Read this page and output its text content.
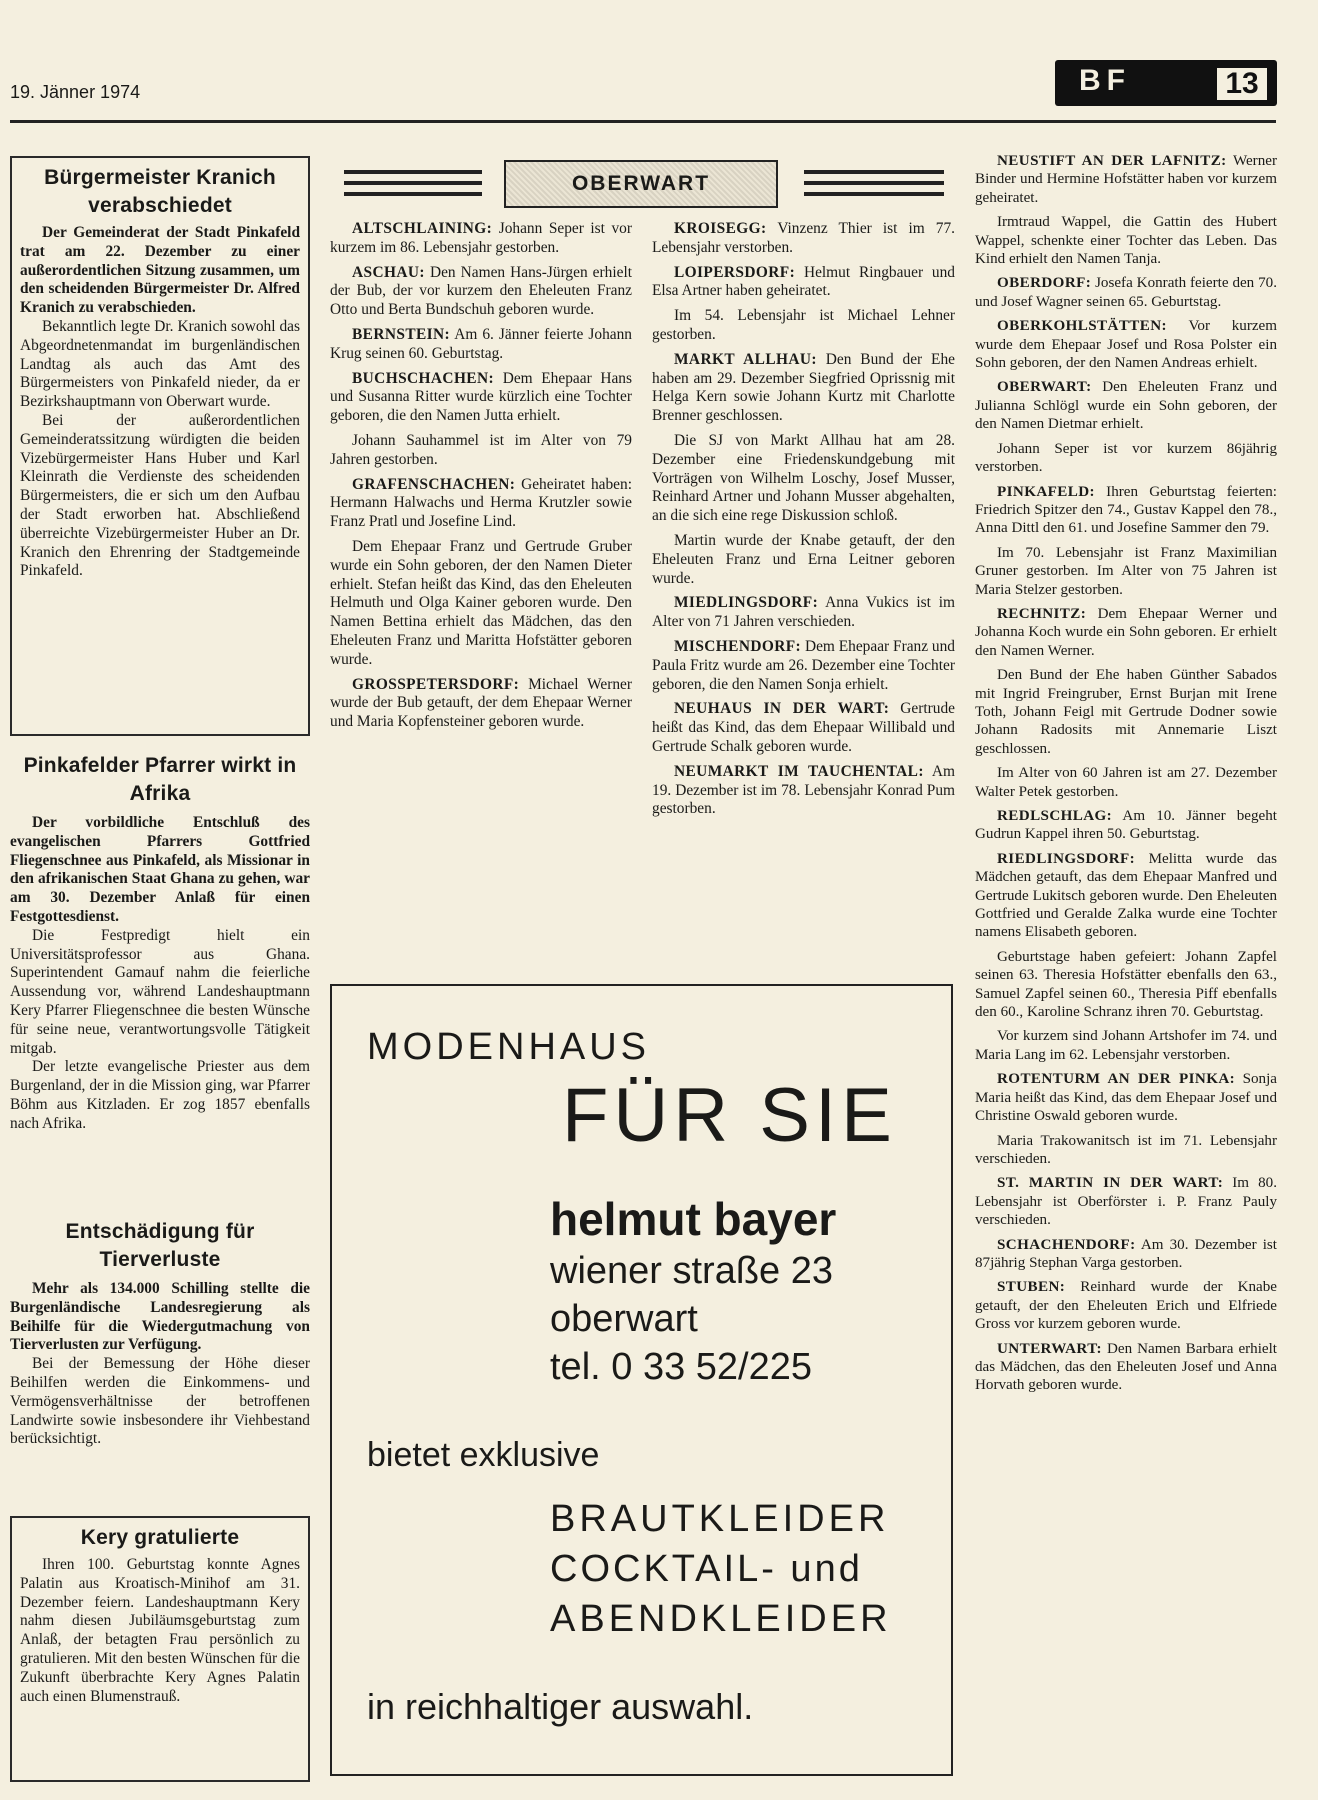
19. Jänner 1974	BF	13
Bürgermeister Kranich verabschiedet

Der Gemeinderat der Stadt Pinkafeld trat am 22. Dezember zu einer außerordentlichen Sitzung zusammen, um den scheidenden Bürgermeister Dr. Alfred Kranich zu verabschieden.

Bekanntlich legte Dr. Kranich sowohl das Abgeordnetenmandat im burgenländischen Landtag als auch das Amt des Bürgermeisters von Pinkafeld nieder, da er Bezirkshauptmann von Oberwart wurde.

Bei der außerordentlichen Gemeinderatssitzung würdigten die beiden Vizebürgermeister Hans Huber und Karl Kleinrath die Verdienste des scheidenden Bürgermeisters, die er sich um den Aufbau der Stadt erworben hat. Abschließend überreichte Vizebürgermeister Huber an Dr. Kranich den Ehrenring der Stadtgemeinde Pinkafeld.

Pinkafelder Pfarrer wirkt in Afrika

Der vorbildliche Entschluß des evangelischen Pfarrers Gottfried Fliegenschnee aus Pinkafeld, als Missionar in den afrikanischen Staat Ghana zu gehen, war am 30. Dezember Anlaß für einen Festgottesdienst.

Die Festpredigt hielt ein Universitätsprofessor aus Ghana. Superintendent Gamauf nahm die feierliche Aussendung vor, während Landeshauptmann Kery Pfarrer Fliegenschnee die besten Wünsche für seine neue, verantwortungsvolle Tätigkeit mitgab.

Der letzte evangelische Priester aus dem Burgenland, der in die Mission ging, war Pfarrer Böhm aus Kitzladen. Er zog 1857 ebenfalls nach Afrika.

Entschädigung für Tierverluste

Mehr als 134.000 Schilling stellte die Burgenländische Landesregierung als Beihilfe für die Wiedergutmachung von Tierverlusten zur Verfügung.

Bei der Bemessung der Höhe dieser Beihilfen werden die Einkommens- und Vermögensverhältnisse der betroffenen Landwirte sowie insbesondere ihr Viehbestand berücksichtigt.

Kery gratulierte

Ihren 100. Geburtstag konnte Agnes Palatin aus Kroatisch-Minihof am 31. Dezember feiern. Landeshauptmann Kery nahm diesen Jubiläumsgeburtstag zum Anlaß, der betagten Frau persönlich zu gratulieren. Mit den besten Wünschen für die Zukunft überbrachte Kery Agnes Palatin auch einen Blumenstrauß.

OBERWART

ALTSCHLAINING: Johann Seper ist vor kurzem im 86. Lebensjahr gestorben.

ASCHAU: Den Namen Hans-Jürgen erhielt der Bub, der vor kurzem den Eheleuten Franz Otto und Berta Bundschuh geboren wurde.

BERNSTEIN: Am 6. Jänner feierte Johann Krug seinen 60. Geburtstag.

BUCHSCHACHEN: Dem Ehepaar Hans und Susanna Ritter wurde kürzlich eine Tochter geboren, die den Namen Jutta erhielt.

Johann Sauhammel ist im Alter von 79 Jahren gestorben.

GRAFENSCHACHEN: Geheiratet haben: Hermann Halwachs und Herma Krutzler sowie Franz Pratl und Josefine Lind.

Dem Ehepaar Franz und Gertrude Gruber wurde ein Sohn geboren, der den Namen Dieter erhielt. Stefan heißt das Kind, das den Eheleuten Helmuth und Olga Kainer geboren wurde. Den Namen Bettina erhielt das Mädchen, das den Eheleuten Franz und Maritta Hofstätter geboren wurde.

GROSSPETERSDORF: Michael Werner wurde der Bub getauft, der dem Ehepaar Werner und Maria Kopfensteiner geboren wurde.

KROISEGG: Vinzenz Thier ist im 77. Lebensjahr verstorben.

LOIPERSDORF: Helmut Ringbauer und Elsa Artner haben geheiratet.

Im 54. Lebensjahr ist Michael Lehner gestorben.

MARKT ALLHAU: Den Bund der Ehe haben am 29. Dezember Siegfried Oprissnig mit Helga Kern sowie Johann Kurtz mit Charlotte Brenner geschlossen.

Die SJ von Markt Allhau hat am 28. Dezember eine Friedenskundgebung mit Vorträgen von Wilhelm Loschy, Josef Musser, Reinhard Artner und Johann Musser abgehalten, an die sich eine rege Diskussion schloß.

Martin wurde der Knabe getauft, der den Eheleuten Franz und Erna Leitner geboren wurde.

MIEDLINGSDORF: Anna Vukics ist im Alter von 71 Jahren verschieden.

MISCHENDORF: Dem Ehepaar Franz und Paula Fritz wurde am 26. Dezember eine Tochter geboren, die den Namen Sonja erhielt.

NEUHAUS IN DER WART: Gertrude heißt das Kind, das dem Ehepaar Willibald und Gertrude Schalk geboren wurde.

NEUMARKT IM TAUCHENTAL: Am 19. Dezember ist im 78. Lebensjahr Konrad Pum gestorben.

NEUSTIFT AN DER LAFNITZ: Werner Binder und Hermine Hofstätter haben vor kurzem geheiratet.

Irmtraud Wappel, die Gattin des Hubert Wappel, schenkte einer Tochter das Leben. Das Kind erhielt den Namen Tanja.

OBERDORF: Josefa Konrath feierte den 70. und Josef Wagner seinen 65. Geburtstag.

OBERKOHLSTÄTTEN: Vor kurzem wurde dem Ehepaar Josef und Rosa Polster ein Sohn geboren, der den Namen Andreas erhielt.

OBERWART: Den Eheleuten Franz und Julianna Schlögl wurde ein Sohn geboren, der den Namen Dietmar erhielt.

Johann Seper ist vor kurzem 86jährig verstorben.

PINKAFELD: Ihren Geburtstag feierten: Friedrich Spitzer den 74., Gustav Kappel den 78., Anna Dittl den 61. und Josefine Sammer den 79.

Im 70. Lebensjahr ist Franz Maximilian Gruner gestorben. Im Alter von 75 Jahren ist Maria Stelzer gestorben.

RECHNITZ: Dem Ehepaar Werner und Johanna Koch wurde ein Sohn geboren. Er erhielt den Namen Werner.

Den Bund der Ehe haben Günther Sabados mit Ingrid Freingruber, Ernst Burjan mit Irene Toth, Johann Feigl mit Gertrude Dodner sowie Johann Radosits mit Annemarie Liszt geschlossen.

Im Alter von 60 Jahren ist am 27. Dezember Walter Petek gestorben.

REDLSCHLAG: Am 10. Jänner begeht Gudrun Kappel ihren 50. Geburtstag.

RIEDLINGSDORF: Melitta wurde das Mädchen getauft, das dem Ehepaar Manfred und Gertrude Lukitsch geboren wurde. Den Eheleuten Gottfried und Geralde Zalka wurde eine Tochter namens Elisabeth geboren.

Geburtstage haben gefeiert: Johann Zapfel seinen 63. Theresia Hofstätter ebenfalls den 63., Samuel Zapfel seinen 60., Theresia Piff ebenfalls den 60., Karoline Schranz ihren 70. Geburtstag.

Vor kurzem sind Johann Artshofer im 74. und Maria Lang im 62. Lebensjahr verstorben.

ROTENTURM AN DER PINKA: Sonja Maria heißt das Kind, das dem Ehepaar Josef und Christine Oswald geboren wurde.

Maria Trakowanitsch ist im 71. Lebensjahr verschieden.

ST. MARTIN IN DER WART: Im 80. Lebensjahr ist Oberförster i. P. Franz Pauly verschieden.

SCHACHENDORF: Am 30. Dezember ist 87jährig Stephan Varga gestorben.

STUBEN: Reinhard wurde der Knabe getauft, der den Eheleuten Erich und Elfriede Gross vor kurzem geboren wurde.

UNTERWART: Den Namen Barbara erhielt das Mädchen, das den Eheleuten Josef und Anna Horvath geboren wurde.

MODENHAUS
FÜR SIE
helmut bayer
wiener straße 23
oberwart
tel. 0 33 52/225
bietet exklusive
BRAUTKLEIDER
COCKTAIL- und
ABENDKLEIDER
in reichhaltiger auswahl.
